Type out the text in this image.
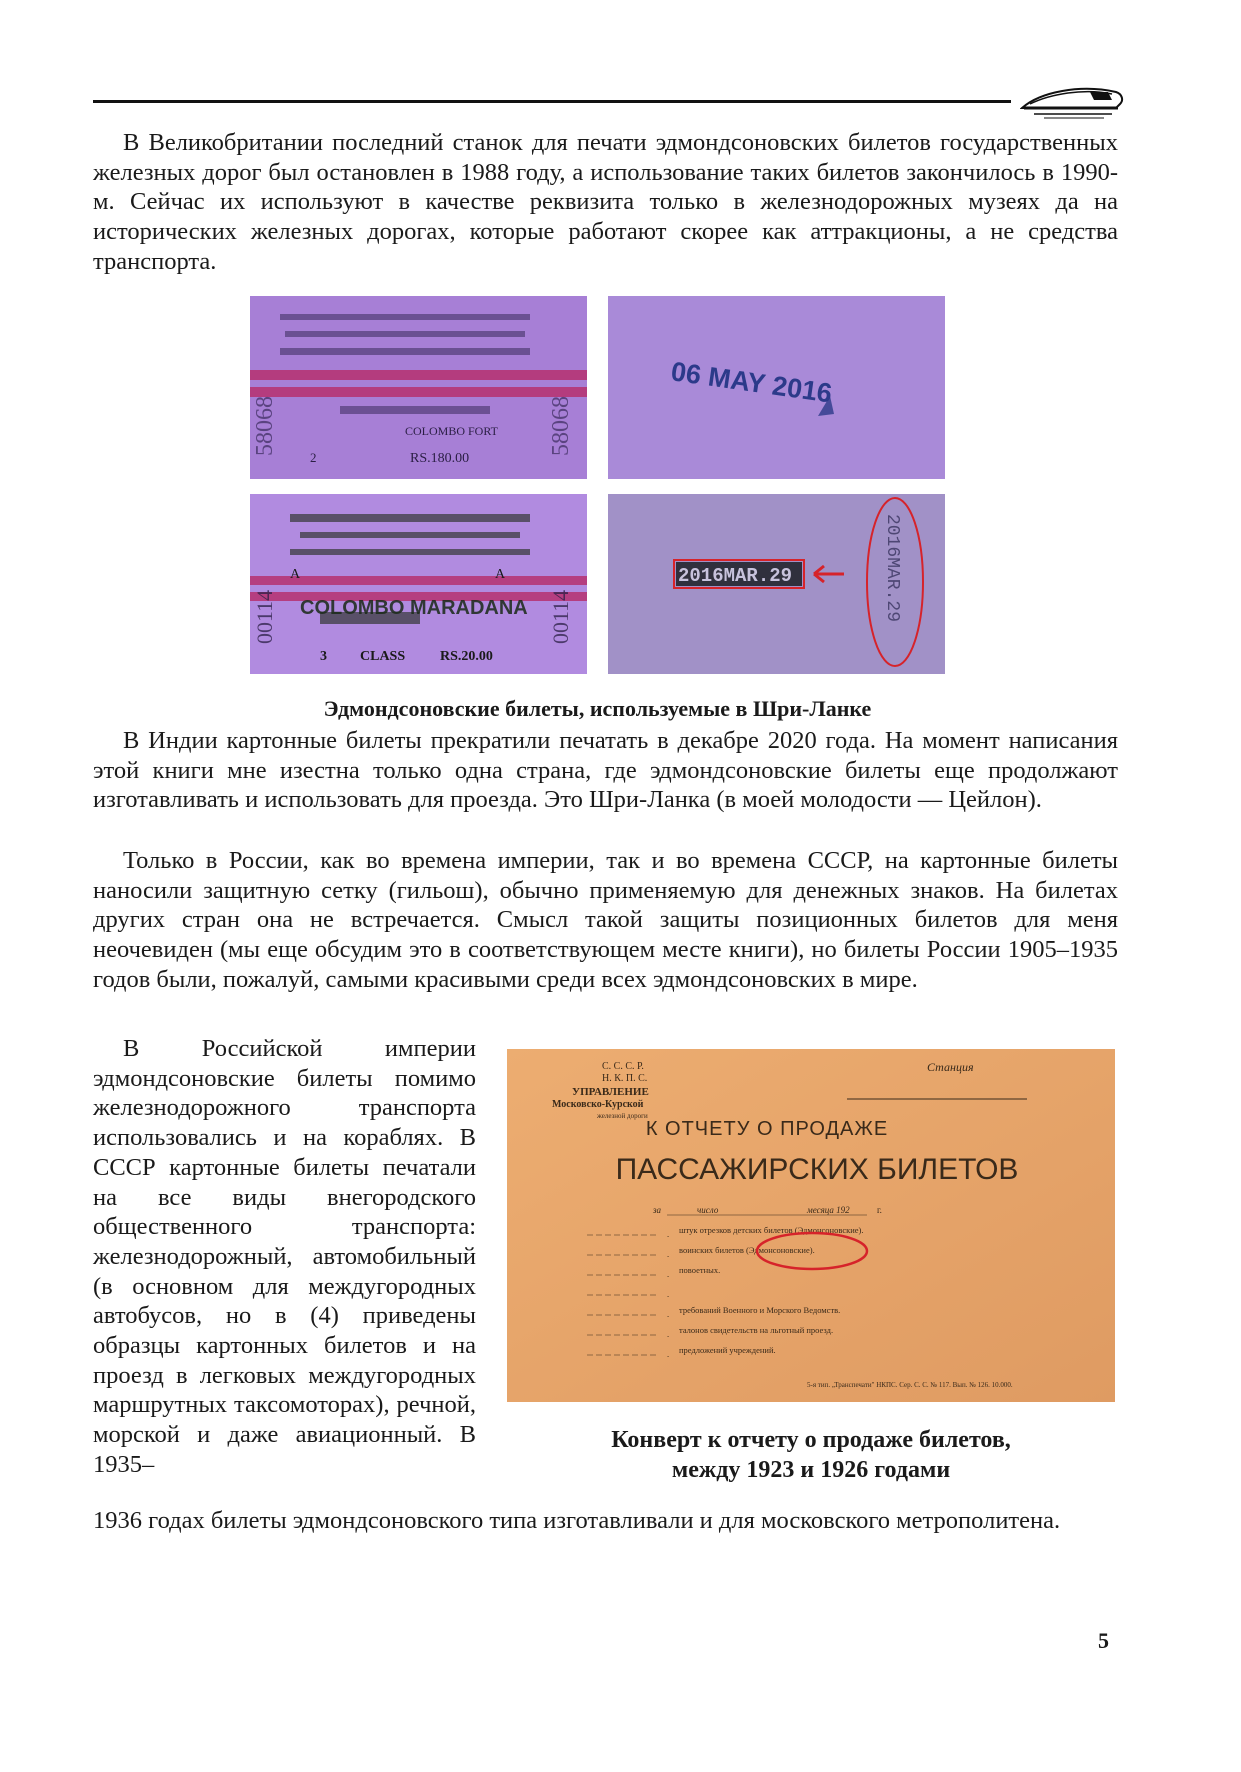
В Великобритании последний станок для печати эдмондсоновских билетов государственных железных дорог был остановлен в 1988 году, а использование таких билетов закончилось в 1990-м. Сейчас их используют в качестве реквизита только в железнодорожных музеях да на исторических железных дорогах, которые работают скорее как аттракционы, а не средства транспорта.
58068	58068
COLOMBO FORT
2	RS.180.00
06 MAY 2016
00114	00114
A	A
COLOMBO MARADANA
3 CLASS RS.20.00
2016MAR.29	2016MAR.29
Эдмондсоновские билеты, используемые в Шри-Ланке
В Индии картонные билеты прекратили печатать в декабре 2020 года. На момент написания этой книги мне изестна только одна страна, где эдмондсоновские билеты еще продолжают изготавливать и использовать для проезда. Это Шри-Ланка (в моей молодости — Цейлон).
Только в России, как во времена империи, так и во времена СССР, на картонные билеты наносили защитную сетку (гильош), обычно применяемую для денежных знаков. На билетах других стран она не встречается. Смысл такой защиты позиционных билетов для меня неочевиден (мы еще обсудим это в соответствующем месте книги), но билеты России 1905–1935 годов были, пожалуй, самыми красивыми среди всех эдмондсоновских в мире.
В Российской империи эдмондсоновские билеты помимо железнодорожного транспорта использовались и на кораблях. В СССР картонные билеты печатали на все виды внегородского общественного транспорта: железнодорожный, автомобильный (в основном для междугородных автобусов, но в (4) приведены образцы картонных билетов и на проезд в легковых междугородных маршрутных таксомоторах), речной, морской и даже авиационный. В 1935–
С. С. С. Р.
Н. К. П. С.
УПРАВЛЕНИЕ
Московско-Курской
железной дороги
Станция
К ОТЧЕТУ О ПРОДАЖЕ
ПАССАЖИРСКИХ БИЛЕТОВ
за	число	месяца 192	г.
. штук отрезков детских билетов (Эдмонсоновские).
. воинских билетов (Эдмонсоновские).
. повоетных.
.
. требований Военного и Морского Ведомств.
. талонов свидетельств на льготный проезд.
. предложений учреждений.
5-я тип. „Транспечати" НКПС. Сер. С. С. № 117. Вып. № 126. 10.000.
Конверт к отчету о продаже билетов,
между 1923 и 1926 годами
1936 годах билеты эдмондсоновского типа изготавливали и для московского метрополитена.
5
